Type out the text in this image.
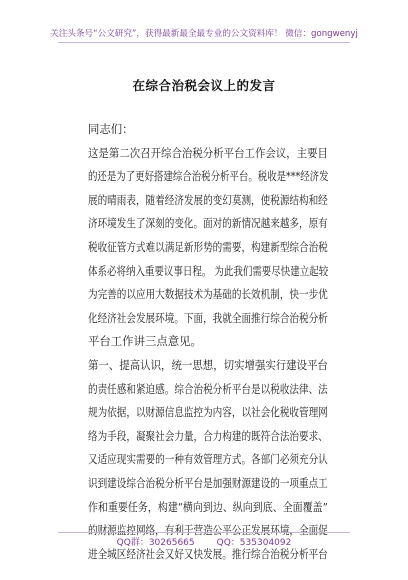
关注头条号“公文研究”，获得最新最全最专业的公文资料库！ 微信：gongwenyj
在综合治税会议上的发言
同志们：
这是第二次召开综合治税分析平台工作会议，主要目
的还是为了更好搭建综合治税分析平台。税收是***经济发
展的晴雨表，随着经济发展的变幻莫测，使税源结构和经
济环境发生了深刻的变化。面对的新情况越来越多，原有
税收征管方式难以满足新形势的需要，构建新型综合治税
体系必将纳入重要议事日程。 为此我们需要尽快建立起较
为完善的以应用大数据技术为基础的长效机制，快一步优
化经济社会发展环境。下面，我就全面推行综合治税分析
平台工作讲三点意见。
第一、提高认识，统一思想，切实增强实行建设平台
的责任感和紧迫感。综合治税分析平台是以税收法律、法
规为依据，以财源信息监控为内容，以社会化税收管理网
络为手段，凝聚社会力量，合力构建的既符合法治要求、
又适应现实需要的一种有效管理方式。各部门必须充分认
识到建设综合治税分析平台是加强财源建设的一项重点工
作和重要任务，构建“横向到边、纵向到底、全面覆盖”
的财源监控网络，有利于营造公平公正发展环境，全面促
进全城区经济社会又好又快发展。推行综合治税分析平台
QQ群：30265665 QQ：535304092
